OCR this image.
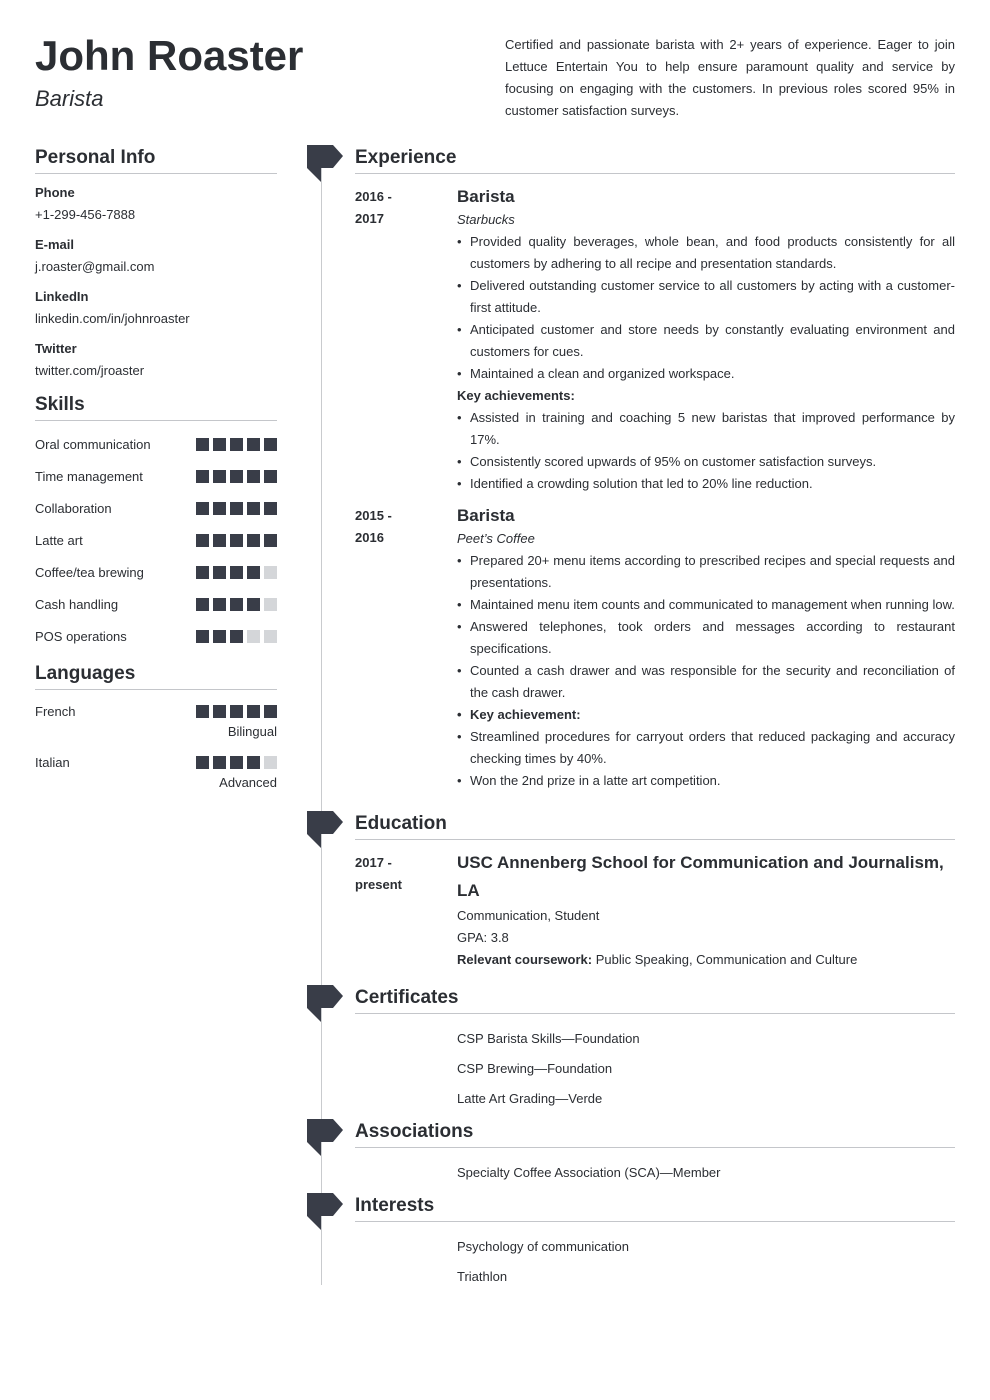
John Roaster
Barista
Certified and passionate barista with 2+ years of experience. Eager to join Lettuce Entertain You to help ensure paramount quality and service by focusing on engaging with the customers. In previous roles scored 95% in customer satisfaction surveys.
Personal Info
Phone
+1-299-456-7888
E-mail
j.roaster@gmail.com
LinkedIn
linkedin.com/in/johnroaster
Twitter
twitter.com/jroaster
Skills
Oral communication
Time management
Collaboration
Latte art
Coffee/tea brewing
Cash handling
POS operations
Languages
French
Bilingual
Italian
Advanced
Experience
2016 -
2017
Barista
Starbucks
• Provided quality beverages, whole bean, and food products consistently for all customers by adhering to all recipe and presentation standards.
• Delivered outstanding customer service to all customers by acting with a customer-first attitude.
• Anticipated customer and store needs by constantly evaluating environment and customers for cues.
• Maintained a clean and organized workspace.
Key achievements:
• Assisted in training and coaching 5 new baristas that improved performance by 17%.
• Consistently scored upwards of 95% on customer satisfaction surveys.
• Identified a crowding solution that led to 20% line reduction.
2015 -
2016
Barista
Peet’s Coffee
• Prepared 20+ menu items according to prescribed recipes and special requests and presentations.
• Maintained menu item counts and communicated to management when running low.
• Answered telephones, took orders and messages according to restaurant specifications.
• Counted a cash drawer and was responsible for the security and reconciliation of the cash drawer.
• Key achievement:
• Streamlined procedures for carryout orders that reduced packaging and accuracy checking times by 40%.
• Won the 2nd prize in a latte art competition.
Education
2017 -
present
USC Annenberg School for Communication and Journalism, LA
Communication, Student
GPA: 3.8
Relevant coursework: Public Speaking, Communication and Culture
Certificates
CSP Barista Skills—Foundation
CSP Brewing—Foundation
Latte Art Grading—Verde
Associations
Specialty Coffee Association (SCA)—Member
Interests
Psychology of communication
Triathlon
